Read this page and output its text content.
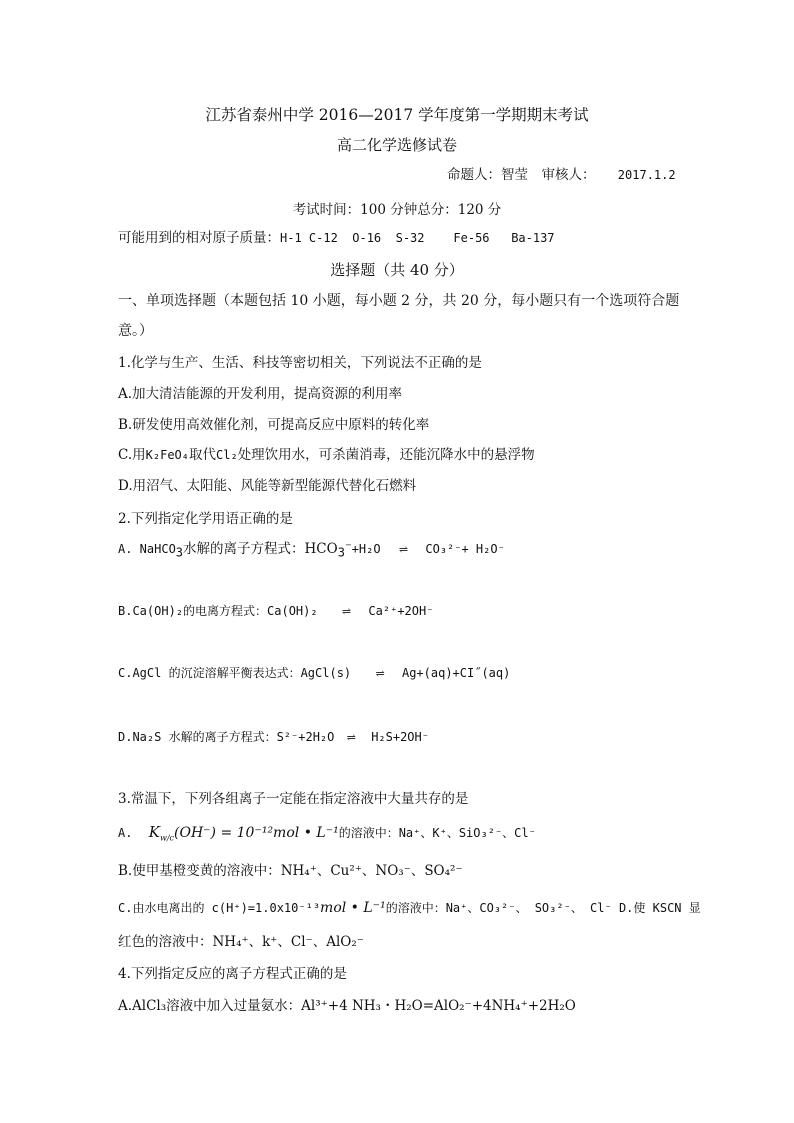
江苏省泰州中学 2016—2017 学年度第一学期期末考试
高二化学选修试卷
命题人：智莹　审核人： 2017.1.2
考试时间：100 分钟总分：120 分
可能用到的相对原子质量：H-1 C-12  O-16  S-32    Fe-56   Ba-137
选择题（共 40 分）
一、单项选择题（本题包括 10 小题，每小题 2 分，共 20 分，每小题只有一个选项符合题
意。）
1.化学与生产、生活、科技等密切相关，下列说法不正确的是
A.加大清洁能源的开发利用，提高资源的利用率
B.研发使用高效催化剂，可提高反应中原料的转化率
C.用K₂FeO₄取代Cl₂处理饮用水，可杀菌消毒，还能沉降水中的悬浮物
D.用沼气、太阳能、风能等新型能源代替化石燃料
2.下列指定化学用语正确的是
A. NaHCO$_3$水解的离子方程式：$HCO_3^-+H_2O$ ⇌ CO₃²⁻+ H₂O⁻
B.Ca(OH)₂的电离方程式：Ca(OH)₂ ⇌ Ca²⁺+2OH⁻
C.AgCl 的沉淀溶解平衡表达式：AgCl(s) ⇌ Ag+(aq)+CI˝(aq)
D.Na₂S 水解的离子方程式：S²⁻+2H₂O ⇌ H₂S+2OH⁻
3.常温下，下列各组离子一定能在指定溶液中大量共存的是
A. $K_{w/c}(OH^-) = 10^{-12}mol$ • L⁻¹的溶液中：Na⁺、K⁺、SiO₃²⁻、Cl⁻
B.使甲基橙变黄的溶液中：NH₄⁺、Cu²⁺、NO₃⁻、SO₄²⁻
C.由水电离出的 c(H⁺)=1.0x10⁻¹³mol • L⁻¹的溶液中：Na⁺、CO₃²⁻、 SO₃²⁻、 Cl⁻ D.使 KSCN 显
红色的溶液中：NH₄⁺、k⁺、Cl⁻、AlO₂⁻
4.下列指定反应的离子方程式正确的是
A.AlCl₃溶液中加入过量氨水：Al³⁺+4 NH₃・H₂O=AlO₂⁻+4NH₄⁺+2H₂O
